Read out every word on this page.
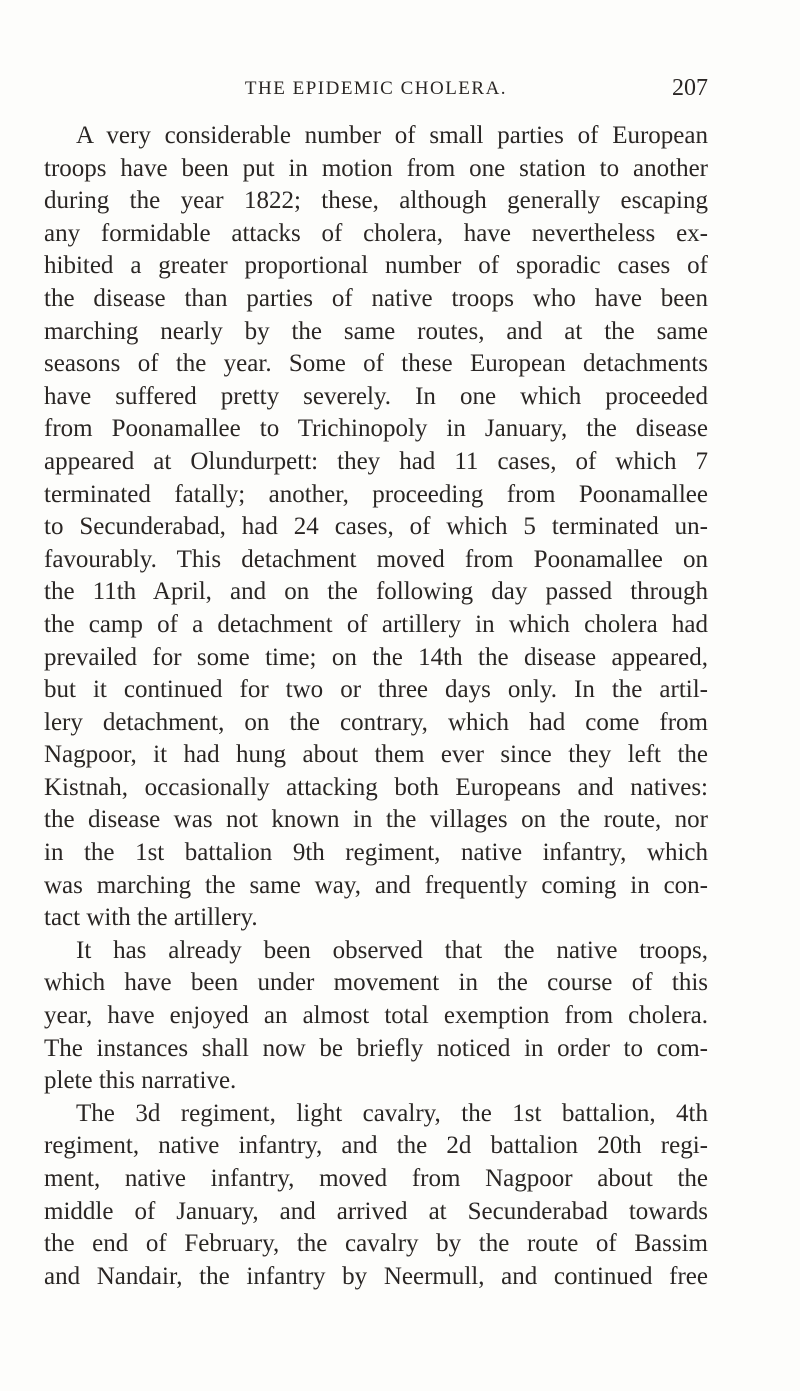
THE EPIDEMIC CHOLERA.	207
A very considerable number of small parties of European
troops have been put in motion from one station to another
during the year 1822; these, although generally escaping
any formidable attacks of cholera, have nevertheless ex-
hibited a greater proportional number of sporadic cases of
the disease than parties of native troops who have been
marching nearly by the same routes, and at the same
seasons of the year. Some of these European detachments
have suffered pretty severely. In one which proceeded
from Poonamallee to Trichinopoly in January, the disease
appeared at Olundurpett: they had 11 cases, of which 7
terminated fatally; another, proceeding from Poonamallee
to Secunderabad, had 24 cases, of which 5 terminated un-
favourably. This detachment moved from Poonamallee on
the 11th April, and on the following day passed through
the camp of a detachment of artillery in which cholera had
prevailed for some time; on the 14th the disease appeared,
but it continued for two or three days only. In the artil-
lery detachment, on the contrary, which had come from
Nagpoor, it had hung about them ever since they left the
Kistnah, occasionally attacking both Europeans and natives:
the disease was not known in the villages on the route, nor
in the 1st battalion 9th regiment, native infantry, which
was marching the same way, and frequently coming in con-
tact with the artillery.
It has already been observed that the native troops,
which have been under movement in the course of this
year, have enjoyed an almost total exemption from cholera.
The instances shall now be briefly noticed in order to com-
plete this narrative.
The 3d regiment, light cavalry, the 1st battalion, 4th
regiment, native infantry, and the 2d battalion 20th regi-
ment, native infantry, moved from Nagpoor about the
middle of January, and arrived at Secunderabad towards
the end of February, the cavalry by the route of Bassim
and Nandair, the infantry by Neermull, and continued free
